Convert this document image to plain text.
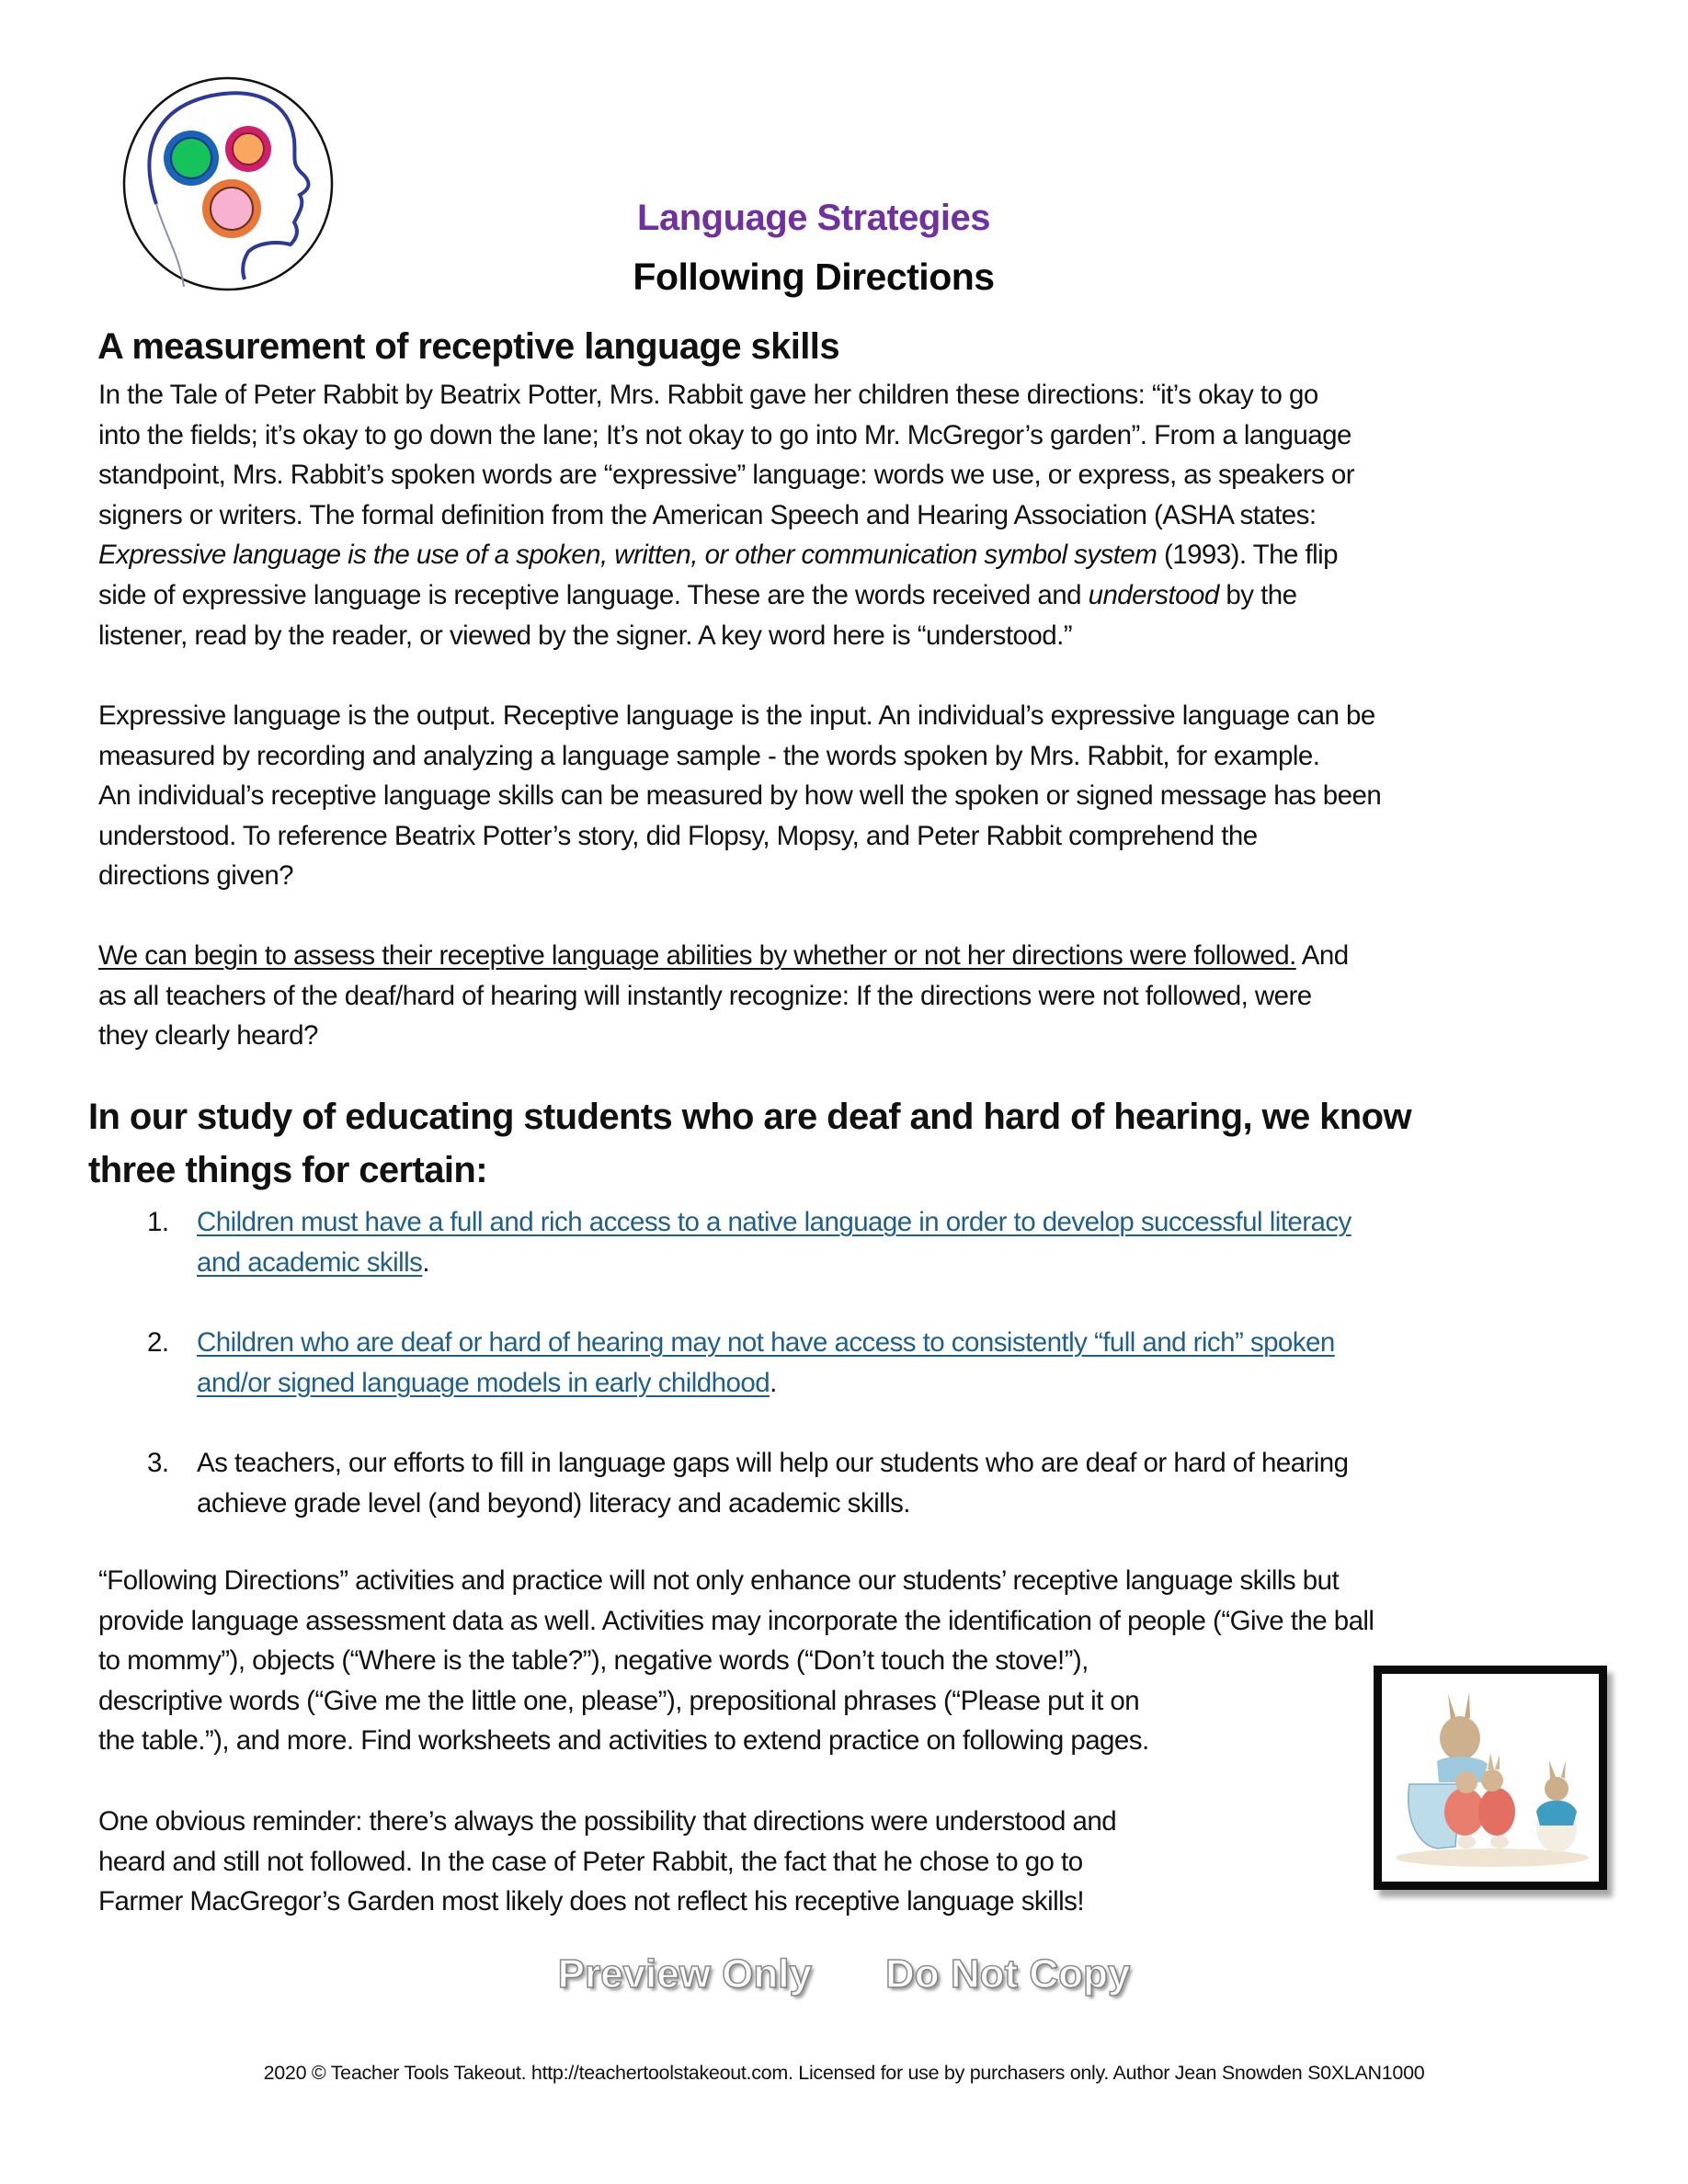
Language Strategies
Following Directions
A measurement of receptive language skills

In the Tale of Peter Rabbit by Beatrix Potter, Mrs. Rabbit gave her children these directions: “it’s okay to go

into the fields; it’s okay to go down the lane; It’s not okay to go into Mr. McGregor’s garden”. From a language

standpoint, Mrs. Rabbit’s spoken words are “expressive” language: words we use, or express, as speakers or

signers or writers. The formal definition from the American Speech and Hearing Association (ASHA states:

Expressive language is the use of a spoken, written, or other communication symbol system (1993). The flip

side of expressive language is receptive language. These are the words received and understood by the

listener, read by the reader, or viewed by the signer. A key word here is “understood.”

Expressive language is the output. Receptive language is the input. An individual’s expressive language can be

measured by recording and analyzing a language sample - the words spoken by Mrs. Rabbit, for example.

An individual’s receptive language skills can be measured by how well the spoken or signed message has been

understood. To reference Beatrix Potter’s story, did Flopsy, Mopsy, and Peter Rabbit comprehend the

directions given?

We can begin to assess their receptive language abilities by whether or not her directions were followed. And

as all teachers of the deaf/hard of hearing will instantly recognize: If the directions were not followed, were

they clearly heard?

In our study of educating students who are deaf and hard of hearing, we know
three things for certain:
1.	Children must have a full and rich access to a native language in order to develop successful literacy
and academic skills.
2.	Children who are deaf or hard of hearing may not have access to consistently “full and rich” spoken
and/or signed language models in early childhood.
3.	As teachers, our efforts to fill in language gaps will help our students who are deaf or hard of hearing
achieve grade level (and beyond) literacy and academic skills.

“Following Directions” activities and practice will not only enhance our students’ receptive language skills but

provide language assessment data as well. Activities may incorporate the identification of people (“Give the ball

to mommy”), objects (“Where is the table?”), negative words (“Don’t touch the stove!”),

descriptive words (“Give me the little one, please”), prepositional phrases (“Please put it on

the table.”), and more. Find worksheets and activities to extend practice on following pages.

One obvious reminder: there’s always the possibility that directions were understood and

heard and still not followed. In the case of Peter Rabbit, the fact that he chose to go to

Farmer MacGregor’s Garden most likely does not reflect his receptive language skills!

Preview Only Do Not Copy
2020 © Teacher Tools Takeout. http://teachertoolstakeout.com. Licensed for use by purchasers only. Author Jean Snowden S0XLAN1000
